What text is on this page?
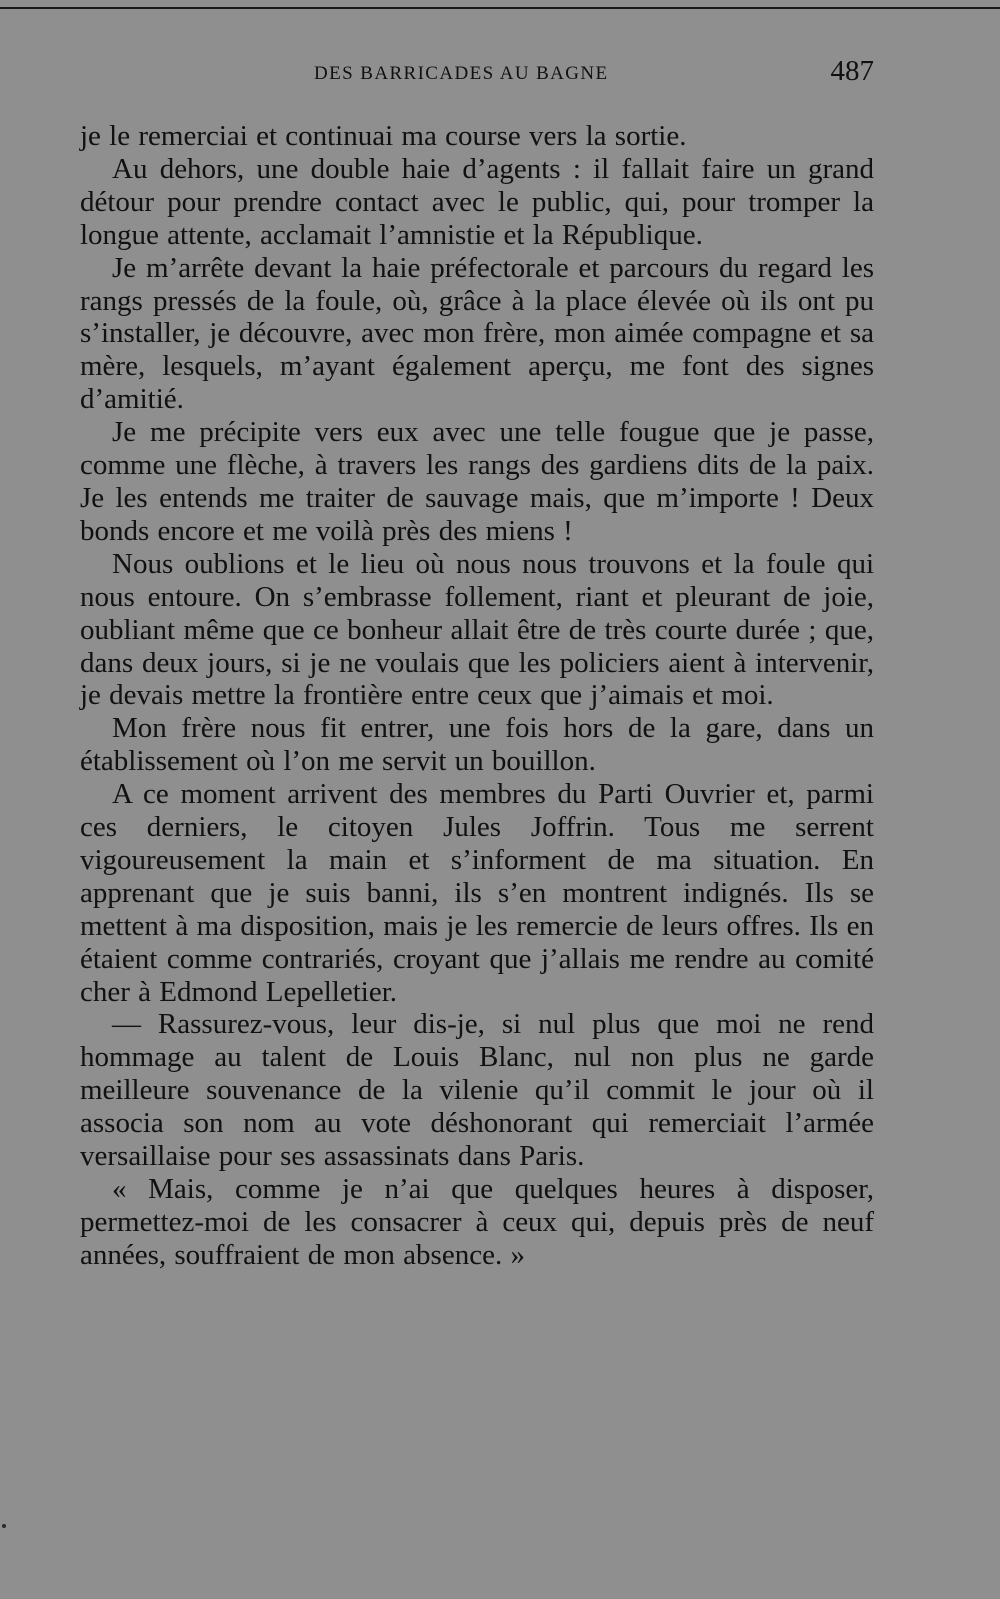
DES BARRICADES AU BAGNE	487

je le remerciai et continuai ma course vers la sortie.

Au dehors, une double haie d’agents : il fallait faire un grand détour pour prendre contact avec le public, qui, pour tromper la longue attente, acclamait l’amnistie et la République.

Je m’arrête devant la haie préfectorale et parcours du regard les rangs pressés de la foule, où, grâce à la place élevée où ils ont pu s’installer, je découvre, avec mon frère, mon aimée compagne et sa mère, lesquels, m’ayant également aperçu, me font des signes d’amitié.

Je me précipite vers eux avec une telle fougue que je passe, comme une flèche, à travers les rangs des gardiens dits de la paix. Je les entends me traiter de sauvage mais, que m’importe ! Deux bonds encore et me voilà près des miens !

Nous oublions et le lieu où nous nous trouvons et la foule qui nous entoure. On s’embrasse follement, riant et pleurant de joie, oubliant même que ce bonheur allait être de très courte durée ; que, dans deux jours, si je ne voulais que les policiers aient à intervenir, je devais mettre la frontière entre ceux que j’aimais et moi.

Mon frère nous fit entrer, une fois hors de la gare, dans un établissement où l’on me servit un bouillon.

A ce moment arrivent des membres du Parti Ouvrier et, parmi ces derniers, le citoyen Jules Joffrin. Tous me serrent vigoureusement la main et s’informent de ma situation. En apprenant que je suis banni, ils s’en montrent indignés. Ils se mettent à ma disposition, mais je les remercie de leurs offres. Ils en étaient comme contrariés, croyant que j’allais me rendre au comité cher à Edmond Lepelletier.

— Rassurez-vous, leur dis-je, si nul plus que moi ne rend hommage au talent de Louis Blanc, nul non plus ne garde meilleure souvenance de la vilenie qu’il commit le jour où il associa son nom au vote déshonorant qui remerciait l’armée versaillaise pour ses assassinats dans Paris.

« Mais, comme je n’ai que quelques heures à disposer, permettez-moi de les consacrer à ceux qui, depuis près de neuf années, souffraient de mon absence. »
